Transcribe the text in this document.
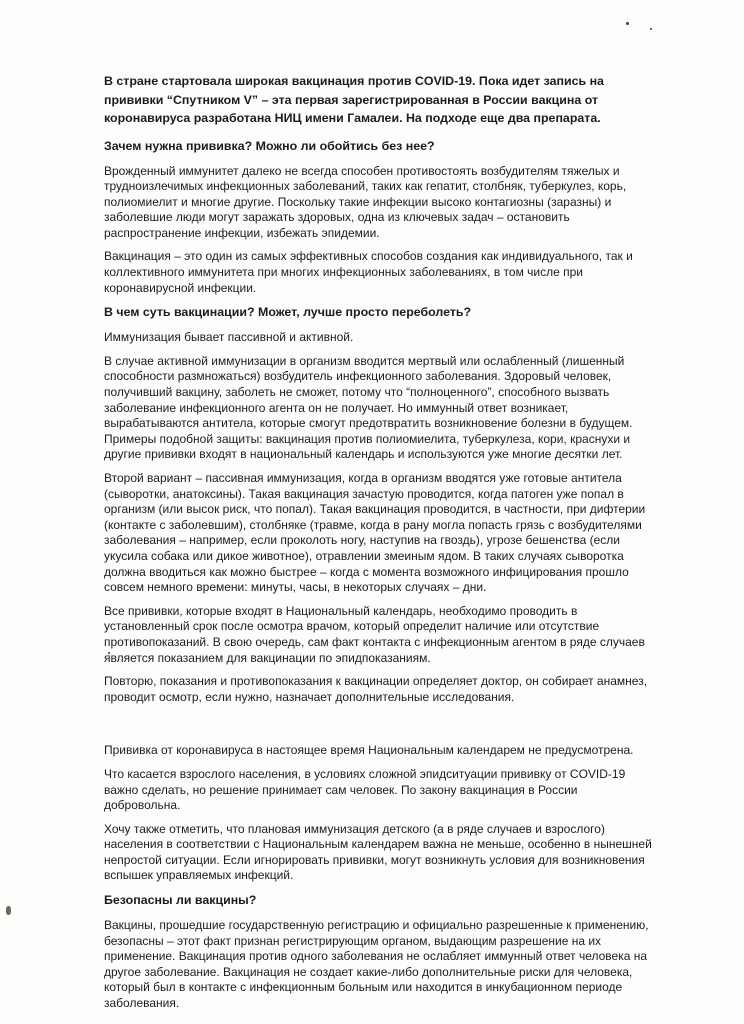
В стране стартовала широкая вакцинация против COVID-19. Пока идет запись на прививки “Спутником V” – эта первая зарегистрированная в России вакцина от коронавируса разработана НИЦ имени Гамалеи. На подходе еще два препарата.

Зачем нужна прививка? Можно ли обойтись без нее?

Врожденный иммунитет далеко не всегда способен противостоять возбудителям тяжелых и трудноизлечимых инфекционных заболеваний, таких как гепатит, столбняк, туберкулез, корь, полиомиелит и многие другие. Поскольку такие инфекции высоко контагиозны (заразны) и заболевшие люди могут заражать здоровых, одна из ключевых задач – остановить распространение инфекции, избежать эпидемии.

Вакцинация – это один из самых эффективных способов создания как индивидуального, так и коллективного иммунитета при многих инфекционных заболеваниях, в том числе при коронавирусной инфекции.

В чем суть вакцинации? Может, лучше просто переболеть?

Иммунизация бывает пассивной и активной.

В случае активной иммунизации в организм вводится мертвый или ослабленный (лишенный способности размножаться) возбудитель инфекционного заболевания. Здоровый человек, получивший вакцину, заболеть не сможет, потому что “полноценного”, способного вызвать заболевание инфекционного агента он не получает. Но иммунный ответ возникает, вырабатываются антитела, которые смогут предотвратить возникновение болезни в будущем. Примеры подобной защиты: вакцинация против полиомиелита, туберкулеза, кори, краснухи и другие прививки входят в национальный календарь и используются уже многие десятки лет.

Второй вариант – пассивная иммунизация, когда в организм вводятся уже готовые антитела (сыворотки, анатоксины). Такая вакцинация зачастую проводится, когда патоген уже попал в организм (или высок риск, что попал). Такая вакцинация проводится, в частности, при дифтерии (контакте с заболевшим), столбняке (травме, когда в рану могла попасть грязь с возбудителями заболевания – например, если проколоть ногу, наступив на гвоздь), угрозе бешенства (если укусила собака или дикое животное), отравлении змеиным ядом. В таких случаях сыворотка должна вводиться как можно быстрее – когда с момента возможного инфицирования прошло совсем немного времени: минуты, часы, в некоторых случаях – дни.

Все прививки, которые входят в Национальный календарь, необходимо проводить в установленный срок после осмотра врачом, который определит наличие или отсутствие противопоказаний. В свою очередь, сам факт контакта с инфекционным агентом в ряде случаев является показанием для вакцинации по эпидпоказаниям.

Повторю, показания и противопоказания к вакцинации определяет доктор, он собирает анамнез, проводит осмотр, если нужно, назначает дополнительные исследования.

Прививка от коронавируса в настоящее время Национальным календарем не предусмотрена.

Что касается взрослого населения, в условиях сложной эпидситуации прививку от COVID-19 важно сделать, но решение принимает сам человек. По закону вакцинация в России добровольна.

Хочу также отметить, что плановая иммунизация детского (а в ряде случаев и взрослого) населения в соответствии с Национальным календарем важна не меньше, особенно в нынешней непростой ситуации. Если игнорировать прививки, могут возникнуть условия для возникновения вспышек управляемых инфекций.

Безопасны ли вакцины?

Вакцины, прошедшие государственную регистрацию и официально разрешенные к применению, безопасны – этот факт признан регистрирующим органом, выдающим разрешение на их применение. Вакцинация против одного заболевания не ослабляет иммунный ответ человека на другое заболевание. Вакцинация не создает какие-либо дополнительные риски для человека, который был в контакте с инфекционным больным или находится в инкубационном периоде заболевания.
